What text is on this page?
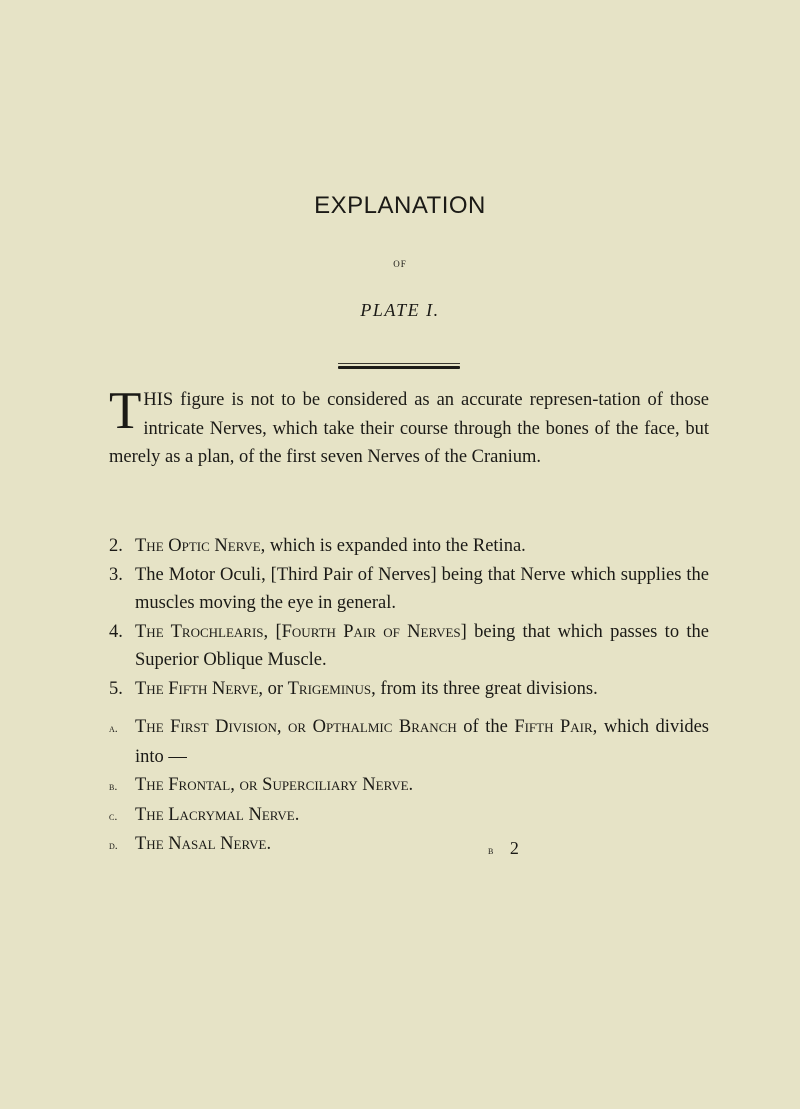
EXPLANATION
OF
PLATE I.
THIS figure is not to be considered as an accurate represen-tation of those intricate Nerves, which take their course through the bones of the face, but merely as a plan, of the first seven Nerves of the Cranium.
2. The Optic Nerve, which is expanded into the Retina.
3. The Motor Oculi, [Third Pair of Nerves] being that Nerve which supplies the muscles moving the eye in general.
4. The Trochlearis, [Fourth Pair of Nerves] being that which passes to the Superior Oblique Muscle.
5. The Fifth Nerve, or Trigeminus, from its three great divisions.
a. The First Division, or Opthalmic Branch of the Fifth Pair, which divides into —
b. The Frontal, or Superciliary Nerve.
c. The Lacrymal Nerve.
d. The Nasal Nerve.	b 2
